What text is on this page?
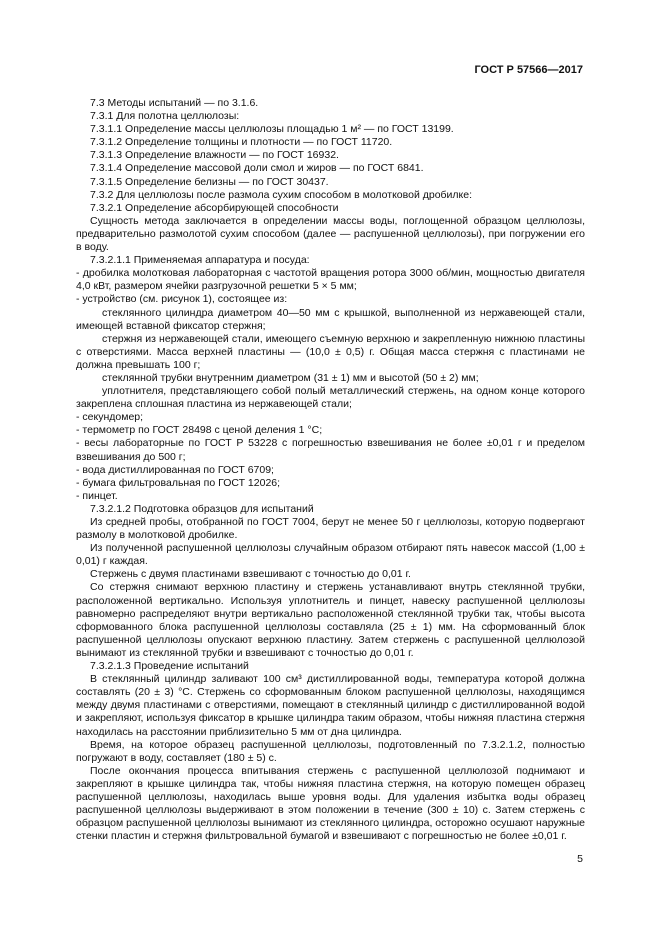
ГОСТ Р 57566—2017

7.3 Методы испытаний — по 3.1.6.

7.3.1 Для полотна целлюлозы:

7.3.1.1 Определение массы целлюлозы площадью 1 м² — по ГОСТ 13199.

7.3.1.2 Определение толщины и плотности — по ГОСТ 11720.

7.3.1.3 Определение влажности — по ГОСТ 16932.

7.3.1.4 Определение массовой доли смол и жиров — по ГОСТ 6841.

7.3.1.5 Определение белизны — по ГОСТ 30437.

7.3.2 Для целлюлозы после размола сухим способом в молотковой дробилке:

7.3.2.1 Определение абсорбирующей способности

Сущность метода заключается в определении массы воды, поглощенной образцом целлюлозы, предварительно размолотой сухим способом (далее — распушенной целлюлозы), при погружении его в воду.

7.3.2.1.1 Применяемая аппаратура и посуда:

- дробилка молотковая лабораторная с частотой вращения ротора 3000 об/мин, мощностью двигателя 4,0 кВт, размером ячейки разгрузочной решетки 5 × 5 мм;

- устройство (см. рисунок 1), состоящее из:

стеклянного цилиндра диаметром 40—50 мм с крышкой, выполненной из нержавеющей стали, имеющей вставной фиксатор стержня;

стержня из нержавеющей стали, имеющего съемную верхнюю и закрепленную нижнюю пластины с отверстиями. Масса верхней пластины — (10,0 ± 0,5) г. Общая масса стержня с пластинами не должна превышать 100 г;

стеклянной трубки внутренним диаметром (31 ± 1) мм и высотой (50 ± 2) мм;

уплотнителя, представляющего собой полый металлический стержень, на одном конце которого закреплена сплошная пластина из нержавеющей стали;

- секундомер;

- термометр по ГОСТ 28498 с ценой деления 1 °С;

- весы лабораторные по ГОСТ Р 53228 с погрешностью взвешивания не более ±0,01 г и пределом взвешивания до 500 г;

- вода дистиллированная по ГОСТ 6709;

- бумага фильтровальная по ГОСТ 12026;

- пинцет.

7.3.2.1.2 Подготовка образцов для испытаний

Из средней пробы, отобранной по ГОСТ 7004, берут не менее 50 г целлюлозы, которую подвергают размолу в молотковой дробилке.

Из полученной распушенной целлюлозы случайным образом отбирают пять навесок массой (1,00 ± 0,01) г каждая.

Стержень с двумя пластинами взвешивают с точностью до 0,01 г.

Со стержня снимают верхнюю пластину и стержень устанавливают внутрь стеклянной трубки, расположенной вертикально. Используя уплотнитель и пинцет, навеску распушенной целлюлозы равномерно распределяют внутри вертикально расположенной стеклянной трубки так, чтобы высота сформованного блока распушенной целлюлозы составляла (25 ± 1) мм. На сформованный блок распушенной целлюлозы опускают верхнюю пластину. Затем стержень с распушенной целлюлозой вынимают из стеклянной трубки и взвешивают с точностью до 0,01 г.

7.3.2.1.3 Проведение испытаний

В стеклянный цилиндр заливают 100 см³ дистиллированной воды, температура которой должна составлять (20 ± 3) °С. Стержень со сформованным блоком распушенной целлюлозы, находящимся между двумя пластинами с отверстиями, помещают в стеклянный цилиндр с дистиллированной водой и закрепляют, используя фиксатор в крышке цилиндра таким образом, чтобы нижняя пластина стержня находилась на расстоянии приблизительно 5 мм от дна цилиндра.

Время, на которое образец распушенной целлюлозы, подготовленный по 7.3.2.1.2, полностью погружают в воду, составляет (180 ± 5) с.

После окончания процесса впитывания стержень с распушенной целлюлозой поднимают и закрепляют в крышке цилиндра так, чтобы нижняя пластина стержня, на которую помещен образец распушенной целлюлозы, находилась выше уровня воды. Для удаления избытка воды образец распушенной целлюлозы выдерживают в этом положении в течение (300 ± 10) с. Затем стержень с образцом распушенной целлюлозы вынимают из стеклянного цилиндра, осторожно осушают наружные стенки пластин и стержня фильтровальной бумагой и взвешивают с погрешностью не более ±0,01 г.

5
